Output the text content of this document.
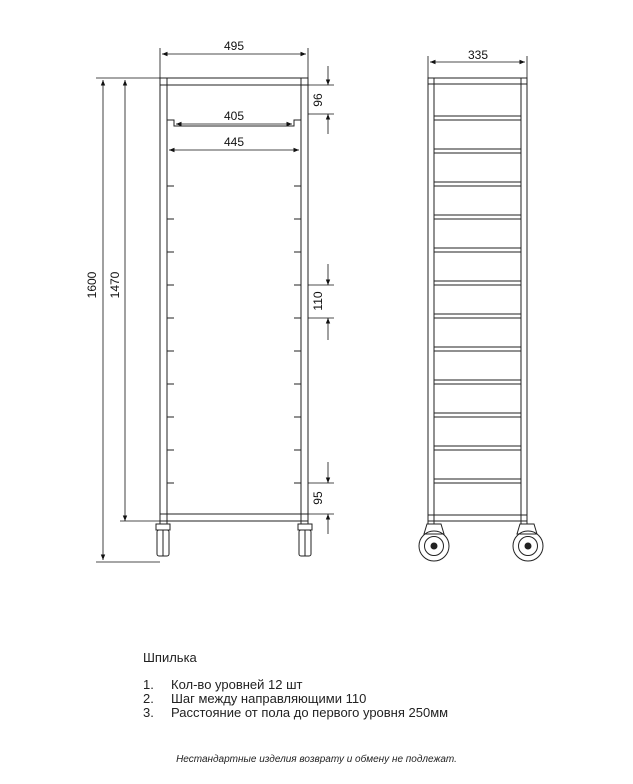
495
405
445
1600 1470
96
110
95
335
Шпилька
1.	Кол-во уровней 12 шт
2.	Шаг между направляющими 110
3.	Расстояние от пола до первого уровня 250мм
Нестандартные изделия возврату и обмену не подлежат.
